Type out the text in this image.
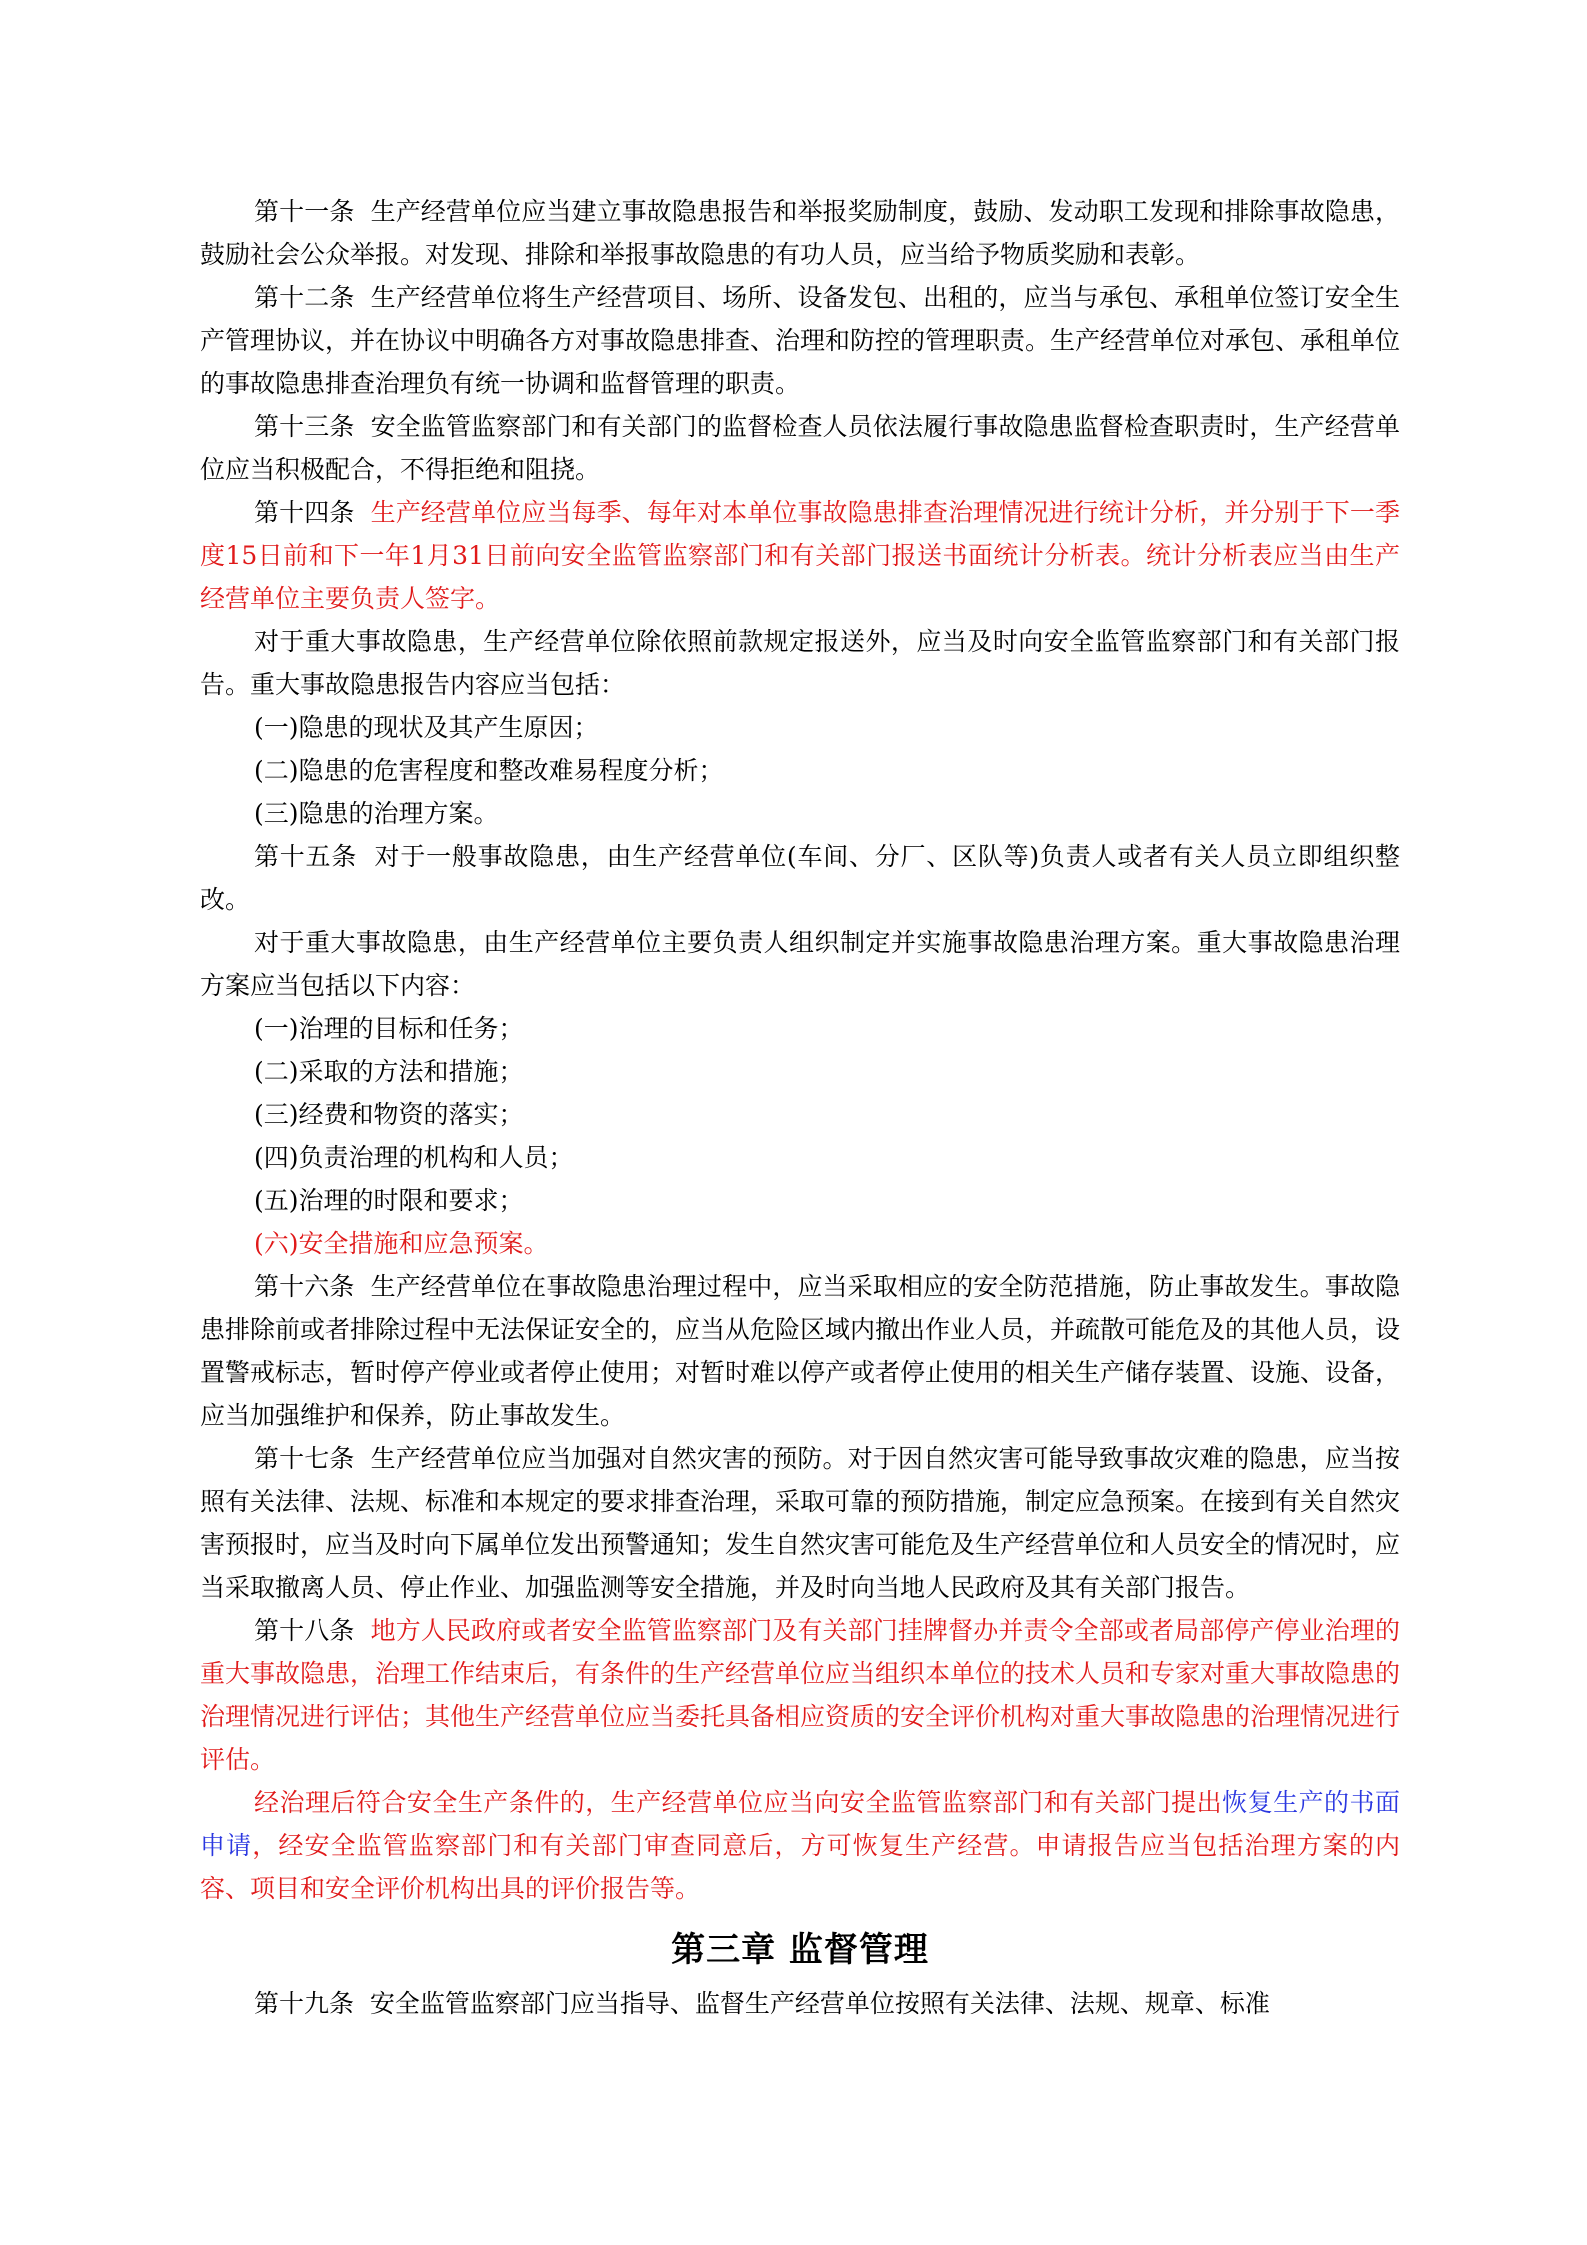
第十一条 生产经营单位应当建立事故隐患报告和举报奖励制度，鼓励、发动职工发现和排除事故隐患，鼓励社会公众举报。对发现、排除和举报事故隐患的有功人员，应当给予物质奖励和表彰。

第十二条 生产经营单位将生产经营项目、场所、设备发包、出租的，应当与承包、承租单位签订安全生产管理协议，并在协议中明确各方对事故隐患排查、治理和防控的管理职责。生产经营单位对承包、承租单位的事故隐患排查治理负有统一协调和监督管理的职责。

第十三条 安全监管监察部门和有关部门的监督检查人员依法履行事故隐患监督检查职责时，生产经营单位应当积极配合，不得拒绝和阻挠。

第十四条 生产经营单位应当每季、每年对本单位事故隐患排查治理情况进行统计分析，并分别于下一季度15日前和下一年1月31日前向安全监管监察部门和有关部门报送书面统计分析表。统计分析表应当由生产经营单位主要负责人签字。

对于重大事故隐患，生产经营单位除依照前款规定报送外，应当及时向安全监管监察部门和有关部门报告。重大事故隐患报告内容应当包括：

(一)隐患的现状及其产生原因；

(二)隐患的危害程度和整改难易程度分析；

(三)隐患的治理方案。

第十五条 对于一般事故隐患，由生产经营单位(车间、分厂、区队等)负责人或者有关人员立即组织整改。

对于重大事故隐患，由生产经营单位主要负责人组织制定并实施事故隐患治理方案。重大事故隐患治理方案应当包括以下内容：

(一)治理的目标和任务；

(二)采取的方法和措施；

(三)经费和物资的落实；

(四)负责治理的机构和人员；

(五)治理的时限和要求；

(六)安全措施和应急预案。

第十六条 生产经营单位在事故隐患治理过程中，应当采取相应的安全防范措施，防止事故发生。事故隐患排除前或者排除过程中无法保证安全的，应当从危险区域内撤出作业人员，并疏散可能危及的其他人员，设置警戒标志，暂时停产停业或者停止使用；对暂时难以停产或者停止使用的相关生产储存装置、设施、设备，应当加强维护和保养，防止事故发生。

第十七条 生产经营单位应当加强对自然灾害的预防。对于因自然灾害可能导致事故灾难的隐患，应当按照有关法律、法规、标准和本规定的要求排查治理，采取可靠的预防措施，制定应急预案。在接到有关自然灾害预报时，应当及时向下属单位发出预警通知；发生自然灾害可能危及生产经营单位和人员安全的情况时，应当采取撤离人员、停止作业、加强监测等安全措施，并及时向当地人民政府及其有关部门报告。

第十八条 地方人民政府或者安全监管监察部门及有关部门挂牌督办并责令全部或者局部停产停业治理的重大事故隐患，治理工作结束后，有条件的生产经营单位应当组织本单位的技术人员和专家对重大事故隐患的治理情况进行评估；其他生产经营单位应当委托具备相应资质的安全评价机构对重大事故隐患的治理情况进行评估。

经治理后符合安全生产条件的，生产经营单位应当向安全监管监察部门和有关部门提出恢复生产的书面申请，经安全监管监察部门和有关部门审查同意后，方可恢复生产经营。申请报告应当包括治理方案的内容、项目和安全评价机构出具的评价报告等。

第三章 监督管理

第十九条 安全监管监察部门应当指导、监督生产经营单位按照有关法律、法规、规章、标准
